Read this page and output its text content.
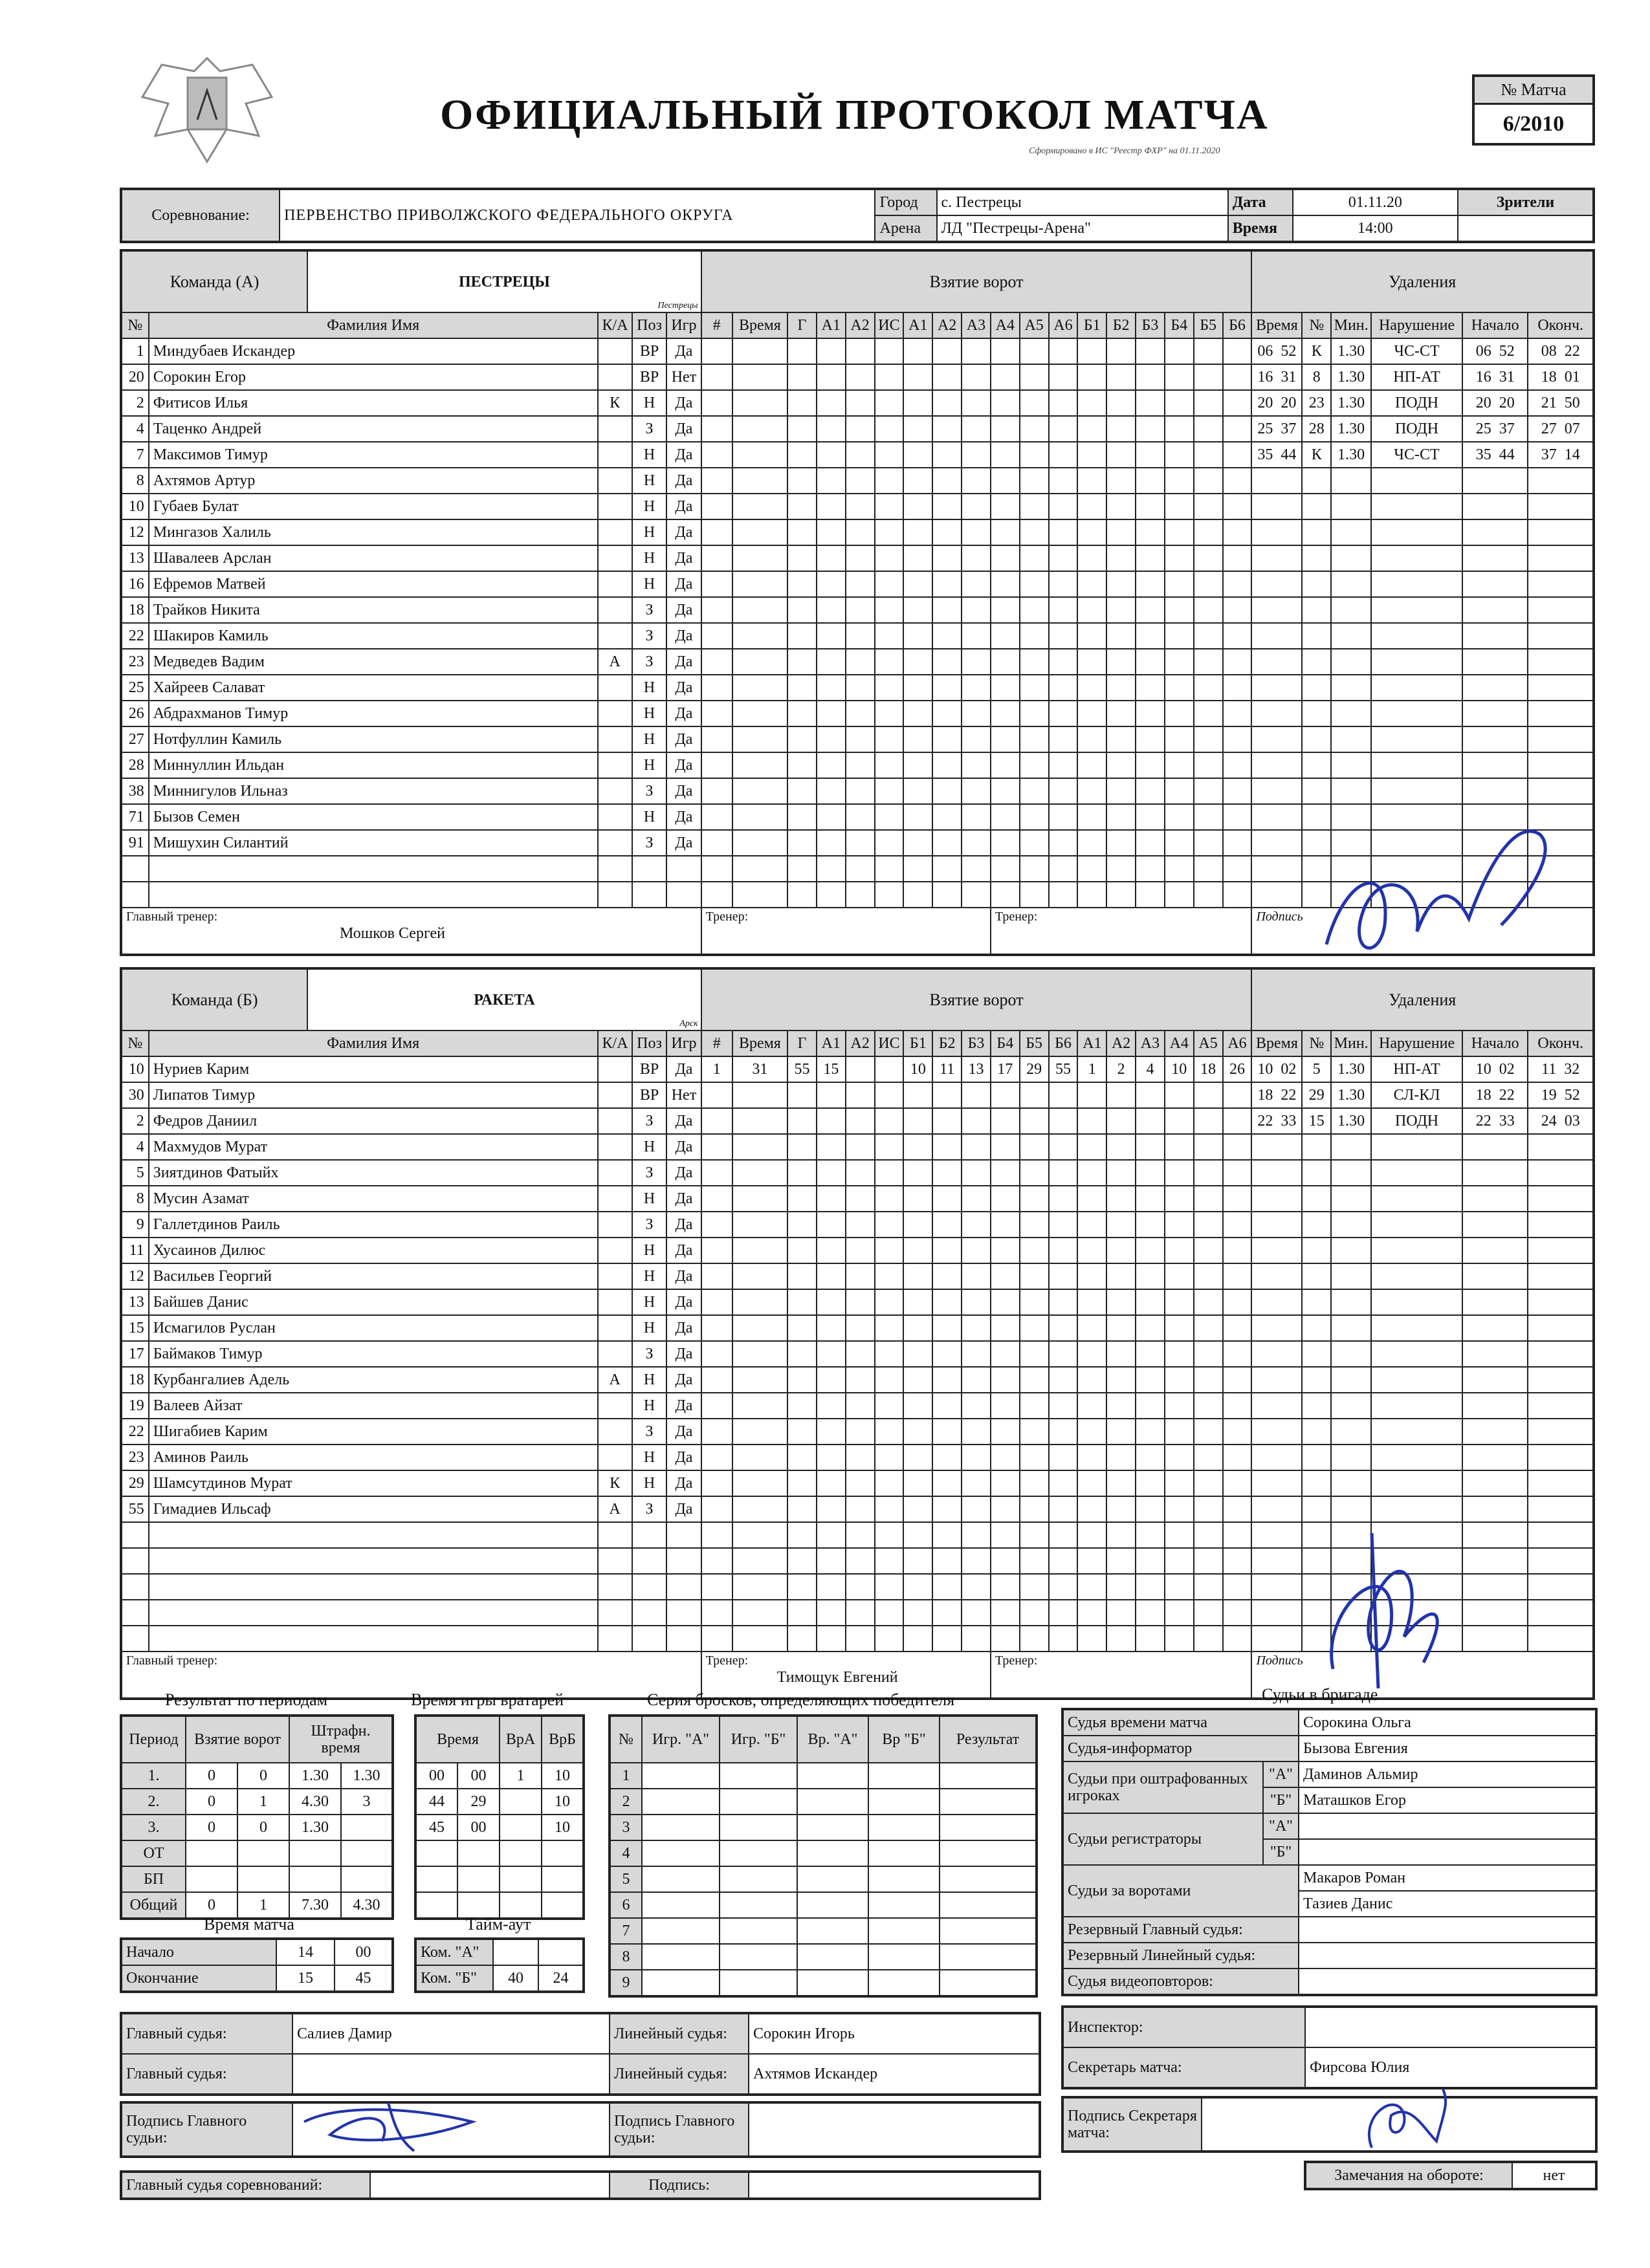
ОФИЦИАЛЬНЫЙ ПРОТОКОЛ МАТЧА
Сформировано в ИС "Реестр ФХР" на 01.11.2020
№ Матча
6/2010
Соревнование:	ПЕРВЕНСТВО ПРИВОЛЖСКОГО ФЕДЕРАЛЬНОГО ОКРУГА	Город	с. Пестрецы	Дата	01.11.20	Зрители
		Арена	ЛД "Пестрецы-Арена"	Время	14:00	
Команда (А)		ПЕСТРЕЦЫ
Пестрецы				Взятие ворот																		Удаления					
№	Фамилия Имя		К/А	Поз	Игр	#	Время	Г	А1	А2	ИС	А1	А2	А3	А4	А5	А6	Б1	Б2	Б3	Б4	Б5	Б6	Время	№	Мин.	Нарушение	Начало	Оконч.
1	Миндубаев Искандер			ВР	Да																			06 52	К	1.30	ЧС-СТ	06 52	08 22
20	Сорокин Егор			ВР	Нет																			16 31	8	1.30	НП-АТ	16 31	18 01
2	Фитисов Илья		К	Н	Да																			20 20	23	1.30	ПОДН	20 20	21 50
4	Таценко Андрей			З	Да																			25 37	28	1.30	ПОДН	25 37	27 07
7	Максимов Тимур			Н	Да																			35 44	К	1.30	ЧС-СТ	35 44	37 14
8	Ахтямов Артур			Н	Да																								
10	Губаев Булат			Н	Да																								
12	Мингазов Халиль			Н	Да																								
13	Шавалеев Арслан			Н	Да																								
16	Ефремов Матвей			Н	Да																								
18	Трайков Никита			З	Да																								
22	Шакиров Камиль			З	Да																								
23	Медведев Вадим		А	З	Да																								
25	Хайреев Салават			Н	Да																								
26	Абдрахманов Тимур			Н	Да																								
27	Нотфуллин Камиль			Н	Да																								
28	Миннуллин Ильдан			Н	Да																								
38	Миннигулов Ильназ			З	Да																								
71	Бызов Семен			Н	Да																								
91	Мишухин Силантий			З	Да																								

Главный тренер:
Мошков Сергей						Тренер:									Тренер:									Подпись					
Команда (Б)		РАКЕТА
Арск				Взятие ворот																		Удаления					
№	Фамилия Имя		К/А	Поз	Игр	#	Время	Г	А1	А2	ИС	Б1	Б2	Б3	Б4	Б5	Б6	А1	А2	А3	А4	А5	А6	Время	№	Мин.	Нарушение	Начало	Оконч.
10	Нуриев Карим			ВР	Да	1	31	55	15			10	11	13	17	29	55	1	2	4	10	18	26	10 02	5	1.30	НП-АТ	10 02	11 32
30	Липатов Тимур			ВР	Нет																			18 22	29	1.30	СЛ-КЛ	18 22	19 52
2	Федров Даниил			З	Да																			22 33	15	1.30	ПОДН	22 33	24 03
4	Махмудов Мурат			Н	Да																								
5	Зиятдинов Фатыйх			З	Да																								
8	Мусин Азамат			Н	Да																								
9	Галлетдинов Раиль			З	Да																								
11	Хусаинов Дилюс			Н	Да																								
12	Васильев Георгий			Н	Да																								
13	Байшев Данис			Н	Да																								
15	Исмагилов Руслан			Н	Да																								
17	Баймаков Тимур			З	Да																								
18	Курбангалиев Адель		А	Н	Да																								
19	Валеев Айзат			Н	Да																								
22	Шигабиев Карим			З	Да																								
23	Аминов Раиль			Н	Да																								
29	Шамсутдинов Мурат		К	Н	Да																								
55	Гимадиев Ильсаф		А	З	Да																								

Главный тренер:						Тренер:
Тимощук Евгений									Тренер:									Подпись					
Результат по периодам
Период	Взятие ворот		Штрафн. время	
1.	0	0	1.30	1.30
2.	0	1	4.30	3
3.	0	0	1.30	
ОТ				
БП				
Общий	0	1	7.30	4.30
Время матча
Начало	14	00
Окончание	15	45
Время игры вратарей
Время		ВрА	ВрБ
00	00	1	10
44	29		10
45	00		10

Тайм-аут
Ком. "А"		
Ком. "Б"	40	24
Серия бросков, определяющих победителя
№	Игр. "А"	Игр. "Б"	Вр. "А"	Вр "Б"	Результат
1					
2					
3					
4					
5					
6					
7					
8					
9					
Судьи в бригаде
Судья времени матча		Сорокина Ольга
Судья-информатор		Бызова Евгения
Судьи при оштрафованных игроках	"А"	Даминов Альмир
	"Б"	Маташков Егор
Судьи регистраторы	"А"	
	"Б"	
Судьи за воротами		Макаров Роман
		Тазиев Данис
Резервный Главный судья:		
Резервный Линейный судья:		
Судья видеоповторов:		
Главный судья:	Салиев Дамир	Линейный судья:	Сорокин Игорь
Главный судья:		Линейный судья:	Ахтямов Искандер
Подпись Главного судьи:		Подпись Главного судьи:	
Главный судья соревнований:		Подпись:	
Инспектор:	
Секретарь матча:	Фирсова Юлия
Подпись Секретаря матча:	
Замечания на обороте:	нет
